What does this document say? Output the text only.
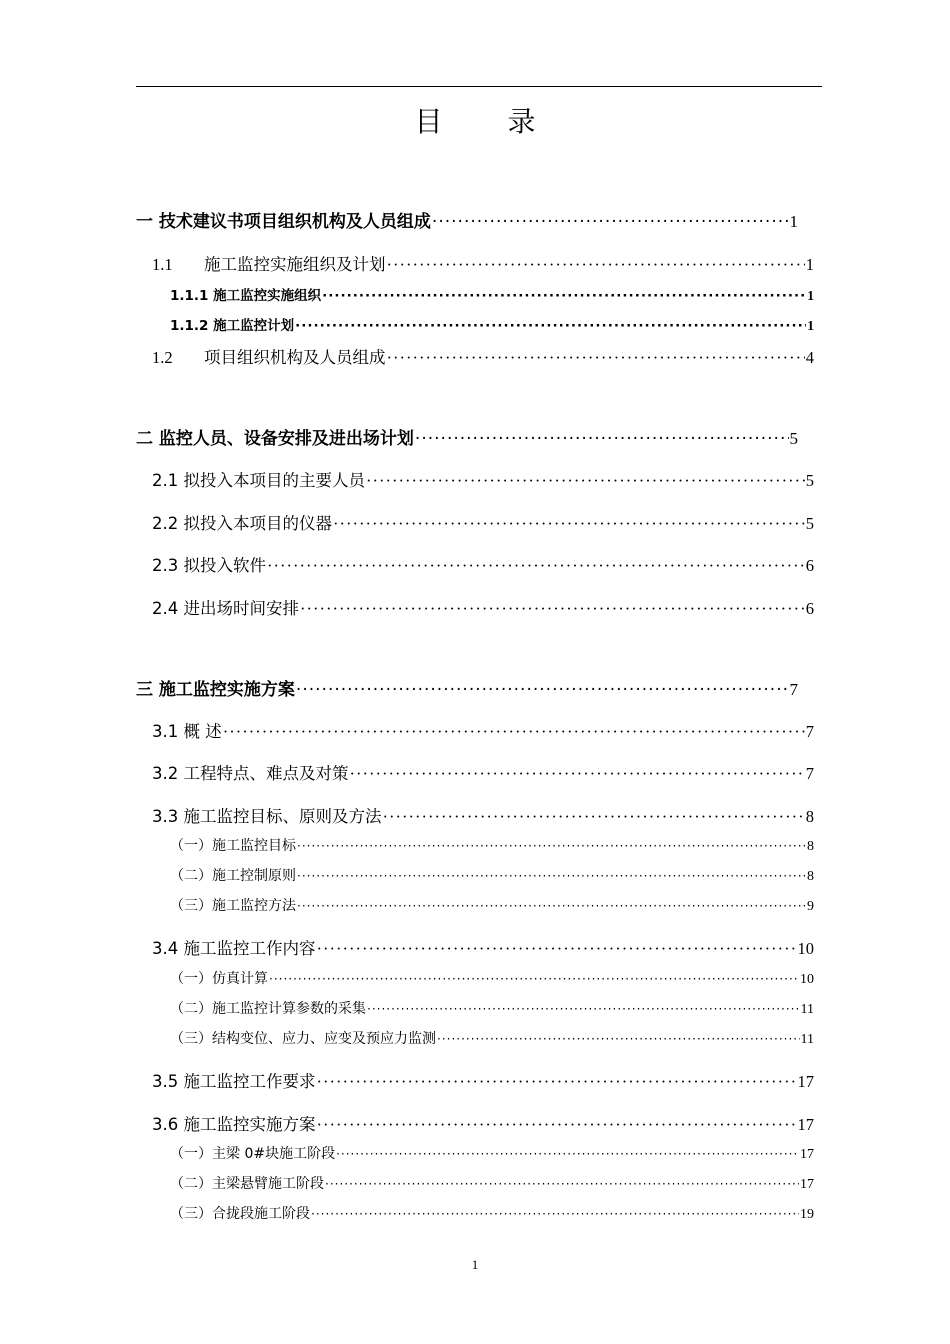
目 录
一 技术建议书项目组织机构及人员组成 ·····	1
1.1 施工监控实施组织及计划 ·····	1
1.1.1 施工监控实施组织 ·····	1
1.1.2 施工监控计划 ·····	1
1.2 项目组织机构及人员组成 ·····	4
二 监控人员、设备安排及进出场计划 ·····	5
2.1 拟投入本项目的主要人员 ·····	5
2.2 拟投入本项目的仪器 ·····	5
2.3 拟投入软件 ·····	6
2.4 进出场时间安排 ·····	6
三 施工监控实施方案 ·····	7
3.1 概 述 ·····	7
3.2 工程特点、难点及对策 ·····	7
3.3 施工监控目标、原则及方法 ·····	8
（一）施工监控目标 ·····	8
（二）施工控制原则 ·····	8
（三）施工监控方法 ·····	9
3.4 施工监控工作内容 ·····	10
（一）仿真计算 ·····	10
（二）施工监控计算参数的采集 ·····	11
（三）结构变位、应力、应变及预应力监测 ·····	11
3.5 施工监控工作要求 ·····	17
3.6 施工监控实施方案 ·····	17
（一）主梁 0#块施工阶段 ·····	17
（二）主梁悬臂施工阶段 ·····	17
（三）合拢段施工阶段 ·····	19
1
